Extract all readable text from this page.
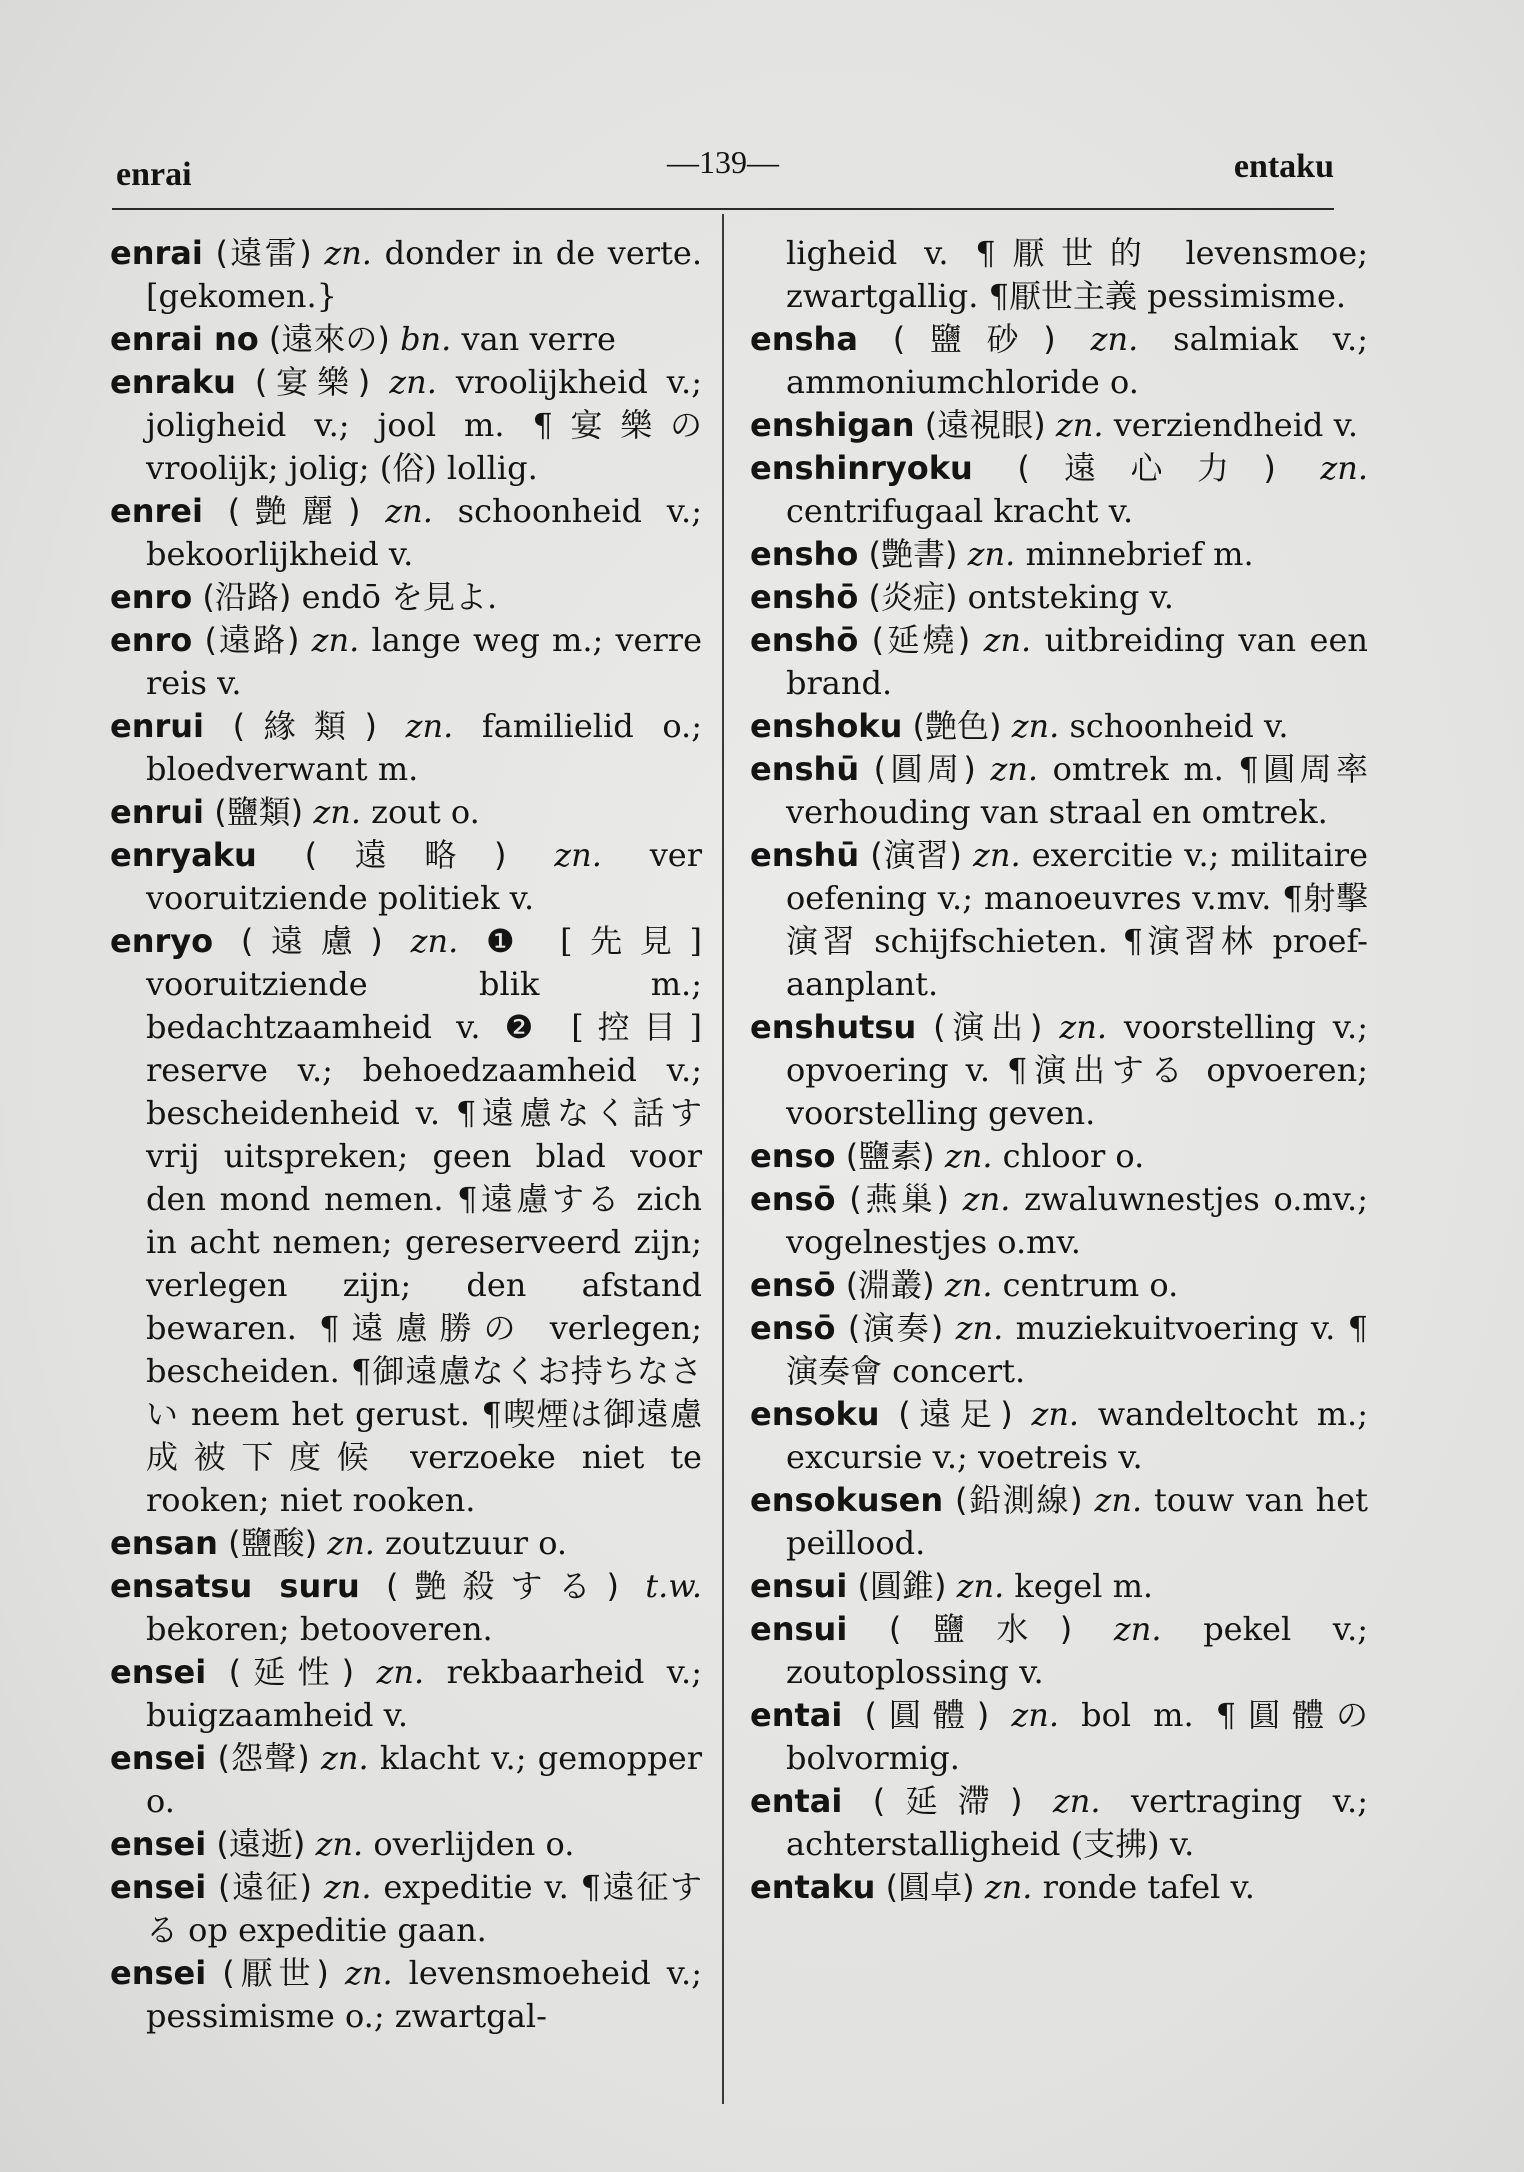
enrai	—139—	entaku

enrai (遠雷) zn. donder in de verte. [gekomen.}

enrai no (遠來の) bn. van verre

enraku (宴樂) zn. vroolijkheid v.; joligheid v.; jool m. ¶宴樂の vroolijk; jolig; (俗) lollig.

enrei (艶麗) zn. schoonheid v.; bekoorlijkheid v.

enro (沿路) endō を見よ.

enro (遠路) zn. lange weg m.; verre reis v.

enrui (緣類) zn. familielid o.; bloedverwant m.

enrui (鹽類) zn. zout o.

enryaku (遠略) zn. ver vooruitziende politiek v.

enryo (遠慮) zn. ❶ [先見] vooruitziende blik m.; bedachtzaamheid v. ❷ [控目] reserve v.; behoedzaamheid v.; bescheidenheid v. ¶遠慮なく話す vrij uitspreken; geen blad voor den mond nemen. ¶遠慮する zich in acht nemen; gereserveerd zijn; verlegen zijn; den afstand bewaren. ¶遠慮勝の verlegen; bescheiden. ¶御遠慮なくお持ちなさい neem het gerust. ¶喫煙は御遠慮成被下度候 verzoeke niet te rooken; niet rooken.

ensan (鹽酸) zn. zoutzuur o.

ensatsu suru (艶殺する) t.w. bekoren; betooveren.

ensei (延性) zn. rekbaarheid v.; buigzaamheid v.

ensei (怨聲) zn. klacht v.; gemopper o.

ensei (遠逝) zn. overlijden o.

ensei (遠征) zn. expeditie v. ¶遠征する op expeditie gaan.

ensei (厭世) zn. levensmoeheid v.; pessimisme o.; zwartgal-

ligheid v. ¶厭世的 levensmoe; zwartgallig. ¶厭世主義 pessimisme.

ensha (鹽砂) zn. salmiak v.; ammoniumchloride o.

enshigan (遠視眼) zn. verziendheid v.

enshinryoku (遠心力) zn. centrifugaal kracht v.

ensho (艶書) zn. minnebrief m.

enshō (炎症) ontsteking v.

enshō (延燒) zn. uitbreiding van een brand.

enshoku (艶色) zn. schoonheid v.

enshū (圓周) zn. omtrek m. ¶圓周率 verhouding van straal en omtrek.

enshū (演習) zn. exercitie v.; militaire oefening v.; manoeuvres v.mv. ¶射擊演習 schijfschieten. ¶演習林 proef-aanplant.

enshutsu (演出) zn. voorstelling v.; opvoering v. ¶演出する opvoeren; voorstelling geven.

enso (鹽素) zn. chloor o.

ensō (燕巢) zn. zwaluwnestjes o.mv.; vogelnestjes o.mv.

ensō (淵叢) zn. centrum o.

ensō (演奏) zn. muziekuitvoering v. ¶演奏會 concert.

ensoku (遠足) zn. wandeltocht m.; excursie v.; voetreis v.

ensokusen (鉛測線) zn. touw van het peillood.

ensui (圓錐) zn. kegel m.

ensui (鹽水) zn. pekel v.; zoutoplossing v.

entai (圓體) zn. bol m. ¶圓體の bolvormig.

entai (延滯) zn. vertraging v.; achterstalligheid (支拂) v.

entaku (圓卓) zn. ronde tafel v.
